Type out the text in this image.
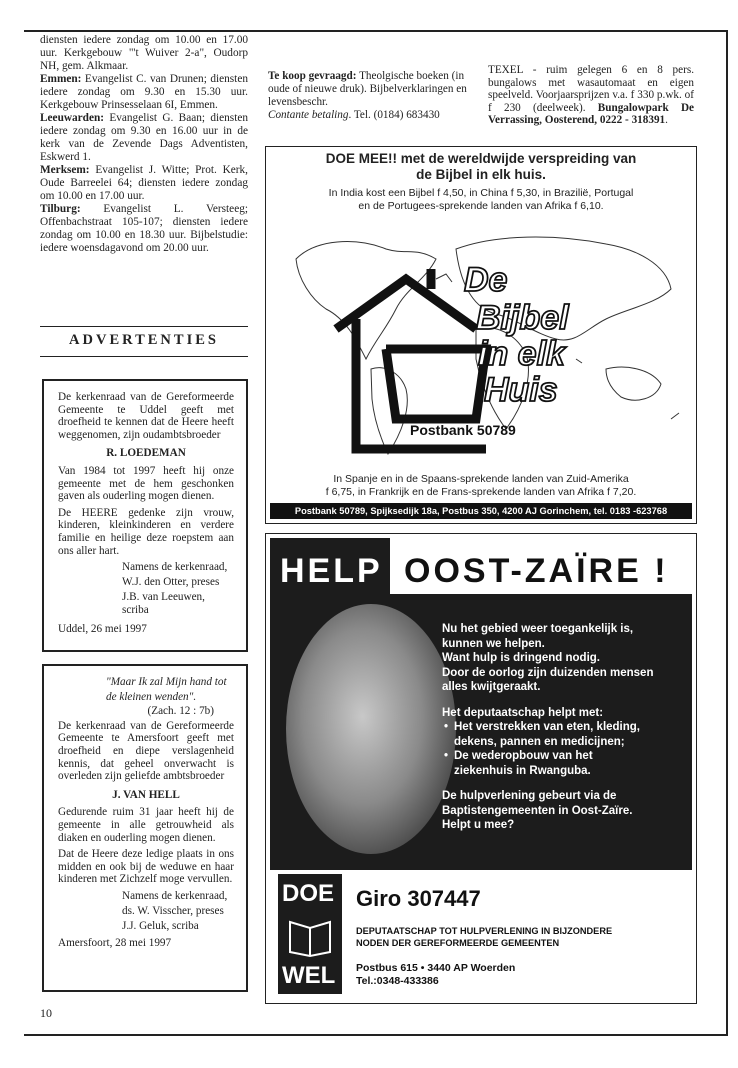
diensten iedere zondag om 10.00 en 17.00 uur. Kerkgebouw "'t Wuiver 2-a", Oudorp NH, gem. Alkmaar.

Emmen: Evangelist C. van Drunen; diensten iedere zondag om 9.30 en 15.30 uur. Kerkgebouw Prinsesselaan 6I, Emmen.

Leeuwarden: Evangelist G. Baan; diensten iedere zondag om 9.30 en 16.00 uur in de kerk van de Zevende Dags Adventisten, Eskwerd 1.

Merksem: Evangelist J. Witte; Prot. Kerk, Oude Barreelei 64; diensten iedere zondag om 10.00 en 17.00 uur.

Tilburg: Evangelist L. Versteeg; Offenbachstraat 105-107; diensten iedere zondag om 10.00 en 18.30 uur. Bijbelstudie: iedere woensdagavond om 20.00 uur.

ADVERTENTIES

De kerkenraad van de Gereformeerde Gemeente te Uddel geeft met droefheid te kennen dat de Heere heeft weggenomen, zijn oudambtsbroeder

R. LOEDEMAN

Van 1984 tot 1997 heeft hij onze gemeente met de hem geschonken gaven als ouderling mogen dienen.

De HEERE gedenke zijn vrouw, kinderen, kleinkinderen en verdere familie en heilige deze roepstem aan ons aller hart.

Namens de kerkenraad,

W.J. den Otter, preses

J.B. van Leeuwen, scriba

Uddel, 26 mei 1997

"Maar Ik zal Mijn hand tot

de kleinen wenden".

(Zach. 12 : 7b)

De kerkenraad van de Gereformeerde Gemeente te Amersfoort geeft met droefheid en diepe verslagenheid kennis, dat geheel onverwacht is overleden zijn geliefde ambtsbroeder

J. VAN HELL

Gedurende ruim 31 jaar heeft hij de gemeente in alle getrouwheid als diaken en ouderling mogen dienen.

Dat de Heere deze ledige plaats in ons midden en ook bij de weduwe en haar kinderen met Zichzelf moge vervullen.

Namens de kerkenraad,

ds. W. Visscher, preses

J.J. Geluk, scriba

Amersfoort, 28 mei 1997

Te koop gevraagd: Theolgische boeken (in oude of nieuwe druk). Bijbelverklaringen en levensbeschr.
Contante betaling. Tel. (0184) 683430
TEXEL - ruim gelegen 6 en 8 pers. bungalows met wasautomaat en eigen speelveld. Voorjaarsprijzen v.a. f 330 p.wk. of f 230 (deelweek). Bungalowpark De Verrassing, Oosterend, 0222 - 318391.
DOE MEE!! met de wereldwijde verspreiding van
de Bijbel in elk huis.
In India kost een Bijbel f 4,50, in China f 5,30, in Brazilië, Portugal
en de Portugees-sprekende landen van Afrika f 6,10.
De
Bijbel
in elk
Huis
Postbank 50789
In Spanje en in de Spaans-sprekende landen van Zuid-Amerika
f 6,75, in Frankrijk en de Frans-sprekende landen van Afrika f 7,20.
Postbank 50789, Spijksedijk 18a, Postbus 350, 4200 AJ Gorinchem, tel. 0183 -623768
HELP OOST-ZAÏRE !

Nu het gebied weer toegankelijk is,
kunnen we helpen.
Want hulp is dringend nodig.
Door de oorlog zijn duizenden mensen
alles kwijtgeraakt.

Het deputaatschap helpt met:

• Het verstrekken van eten, kleding,
dekens, pannen en medicijnen;
• De wederopbouw van het
ziekenhuis in Rwanguba.

De hulpverlening gebeurt via de
Baptistengemeenten in Oost-Zaïre.
Helpt u mee?

DOE
WEL
Giro 307447
DEPUTAATSCHAP TOT HULPVERLENING IN BIJZONDERE
NODEN DER GEREFORMEERDE GEMEENTEN
Postbus 615 • 3440 AP Woerden
Tel.:0348-433386
10
